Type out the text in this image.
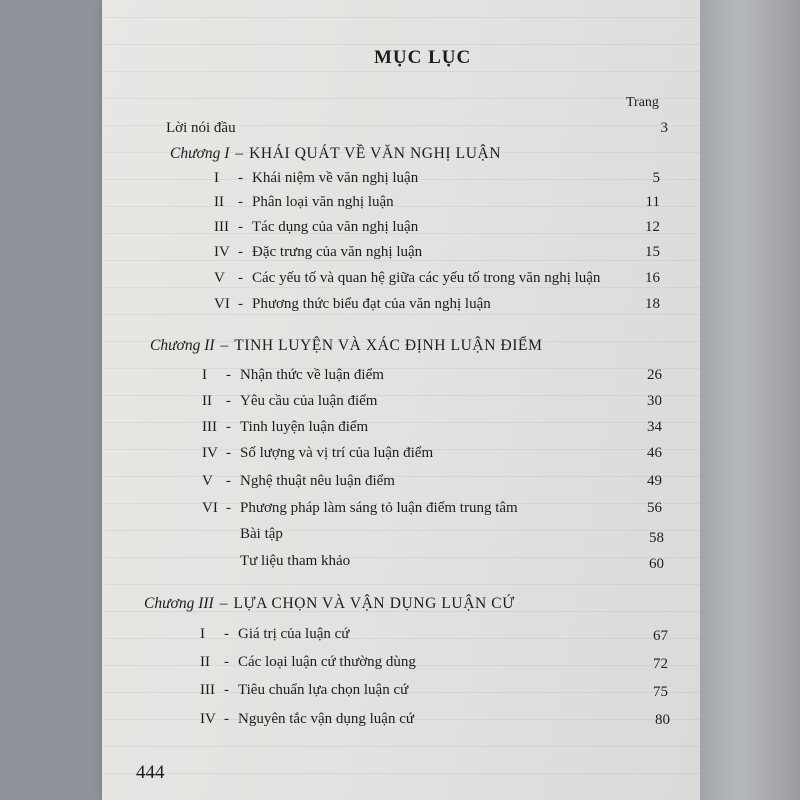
MỤC LỤC
Trang
Lời nói đầu	3
Chương I – KHÁI QUÁT VỀ VĂN NGHỊ LUẬN
I - Khái niệm về văn nghị luận	5
II - Phân loại văn nghị luận	11
III - Tác dụng của văn nghị luận	12
IV - Đặc trưng của văn nghị luận	15
V - Các yếu tố và quan hệ giữa các yếu tố trong văn nghị luận	16
VI - Phương thức biểu đạt của văn nghị luận	18
Chương II – TINH LUYỆN VÀ XÁC ĐỊNH LUẬN ĐIỂM
I - Nhận thức về luận điểm	26
II - Yêu cầu của luận điểm	30
III - Tinh luyện luận điểm	34
IV - Số lượng và vị trí của luận điểm	46
V - Nghệ thuật nêu luận điểm	49
VI - Phương pháp làm sáng tỏ luận điểm trung tâm	56
Bài tập	58
Tư liệu tham khảo	60
Chương III – LỰA CHỌN VÀ VẬN DỤNG LUẬN CỨ
I - Giá trị của luận cứ	67
II - Các loại luận cứ thường dùng	72
III - Tiêu chuẩn lựa chọn luận cứ	75
IV - Nguyên tắc vận dụng luận cứ	80
444
